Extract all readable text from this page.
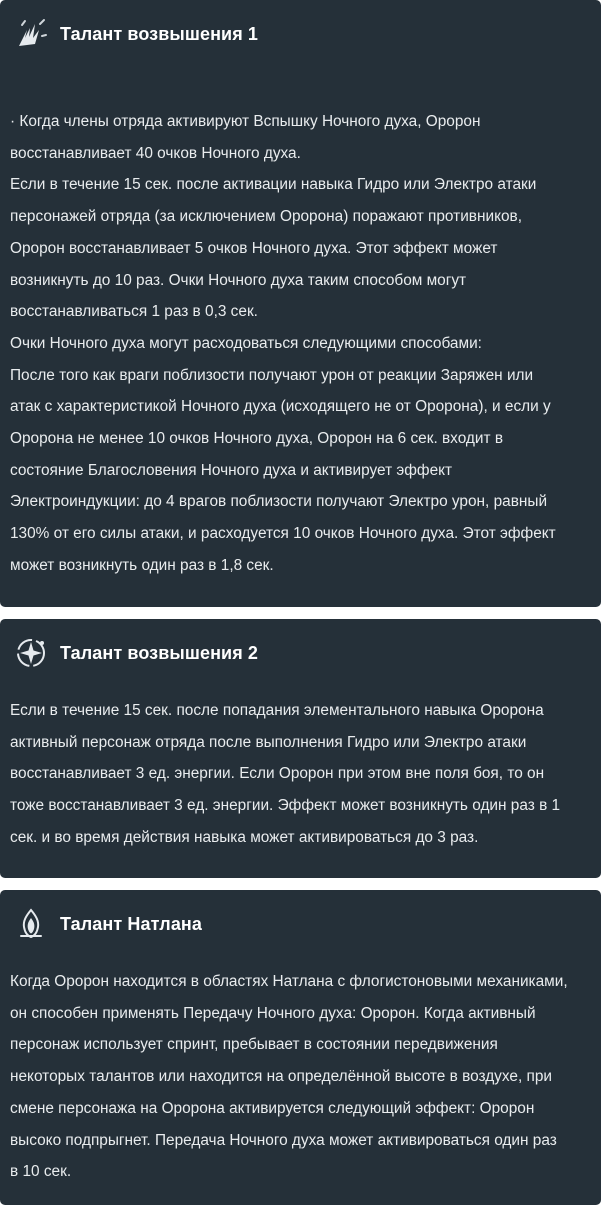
Талант возвышения 1

· Когда члены отряда активируют Вспышку Ночного духа, Ороpон

восстанавливает 40 очков Ночного духа.

Если в течение 15 сек. после активации навыка Гидро или Электро атаки

персонажей отряда (за исключением Ороpона) поражают противников,

Ороpон восстанавливает 5 очков Ночного духа. Этот эффект может

возникнуть до 10 раз. Очки Ночного духа таким способом могут

восстанавливаться 1 раз в 0,3 сек.

Очки Ночного духа могут расходоваться следующими способами:

После того как враги поблизости получают урон от реакции Заряжен или

атак с характеристикой Ночного духа (исходящего не от Ороpона), и если у

Ороpона не менее 10 очков Ночного духа, Ороpон на 6 сек. входит в

состояние Благословения Ночного духа и активирует эффект

Электроиндукции: до 4 врагов поблизости получают Электро урон, равный

130% от его силы атаки, и расходуется 10 очков Ночного духа. Этот эффект

может возникнуть один раз в 1,8 сек.

Талант возвышения 2

Если в течение 15 сек. после попадания элементального навыка Ороpона

активный персонаж отряда после выполнения Гидро или Электро атаки

восстанавливает 3 ед. энергии. Если Ороpон при этом вне поля боя, то он

тоже восстанавливает 3 ед. энергии. Эффект может возникнуть один раз в 1

сек. и во время действия навыка может активироваться до 3 раз.

Талант Натлана

Когда Ороpон находится в областях Натлана с флогистоновыми механиками,

он способен применять Передачу Ночного духа: Ороpон. Когда активный

персонаж использует спринт, пребывает в состоянии передвижения

некоторых талантов или находится на определённой высоте в воздухе, при

смене персонажа на Ороpона активируется следующий эффект: Ороpон

высоко подпрыгнет. Передача Ночного духа может активироваться один раз

в 10 сек.
